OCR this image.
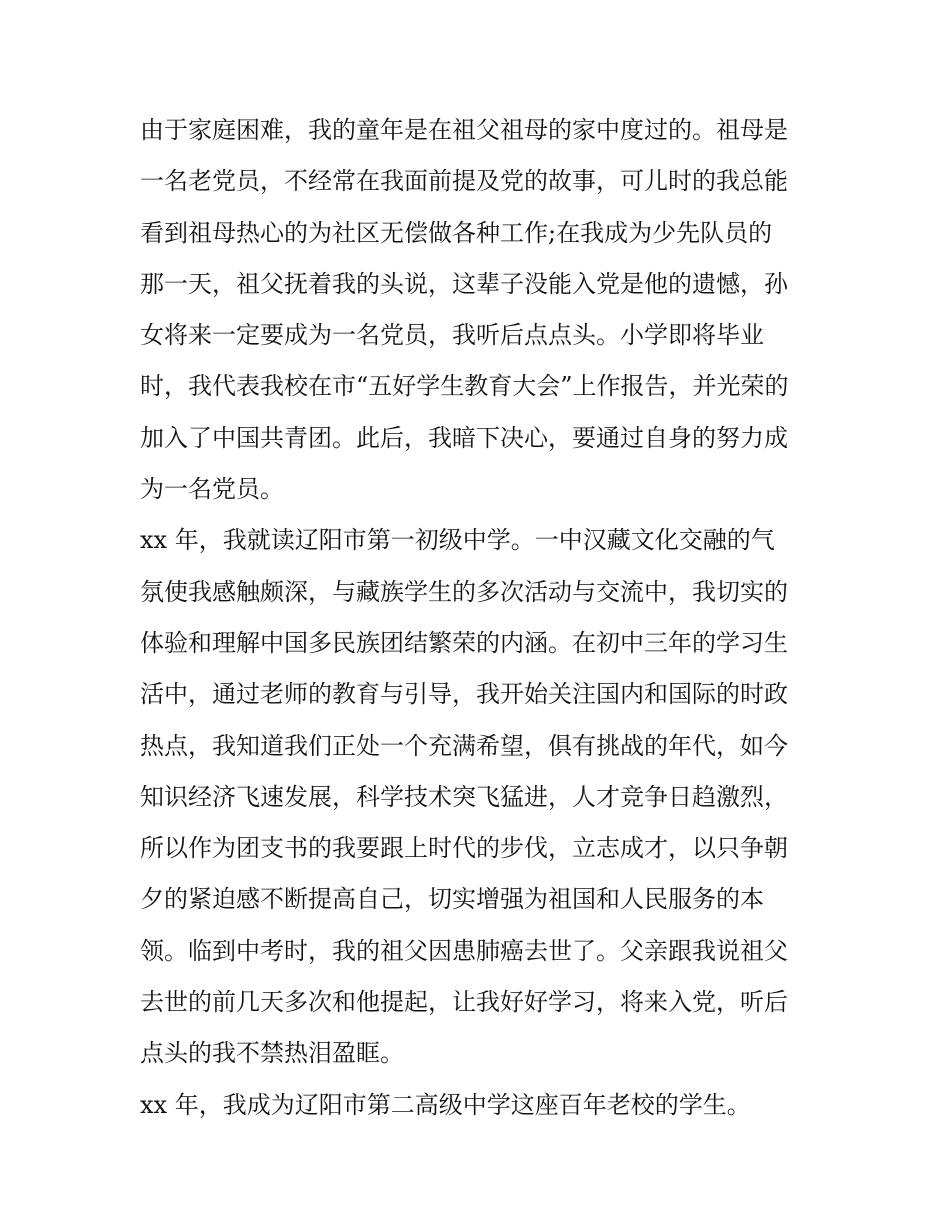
由于家庭困难，我的童年是在祖父祖母的家中度过的。祖母是

一名老党员，不经常在我面前提及党的故事，可儿时的我总能

看到祖母热心的为社区无偿做各种工作;在我成为少先队员的

那一天，祖父抚着我的头说，这辈子没能入党是他的遗憾，孙

女将来一定要成为一名党员，我听后点点头。小学即将毕业

时，我代表我校在市“五好学生教育大会”上作报告，并光荣的

加入了中国共青团。此后，我暗下决心，要通过自身的努力成

为一名党员。

xx 年，我就读辽阳市第一初级中学。一中汉藏文化交融的气

氛使我感触颇深，与藏族学生的多次活动与交流中，我切实的

体验和理解中国多民族团结繁荣的内涵。在初中三年的学习生

活中，通过老师的教育与引导，我开始关注国内和国际的时政

热点，我知道我们正处一个充满希望，俱有挑战的年代，如今

知识经济飞速发展，科学技术突飞猛进，人才竞争日趋激烈，

所以作为团支书的我要跟上时代的步伐，立志成才，以只争朝

夕的紧迫感不断提高自己，切实增强为祖国和人民服务的本

领。临到中考时，我的祖父因患肺癌去世了。父亲跟我说祖父

去世的前几天多次和他提起，让我好好学习，将来入党，听后

点头的我不禁热泪盈眶。

xx 年，我成为辽阳市第二高级中学这座百年老校的学生。
